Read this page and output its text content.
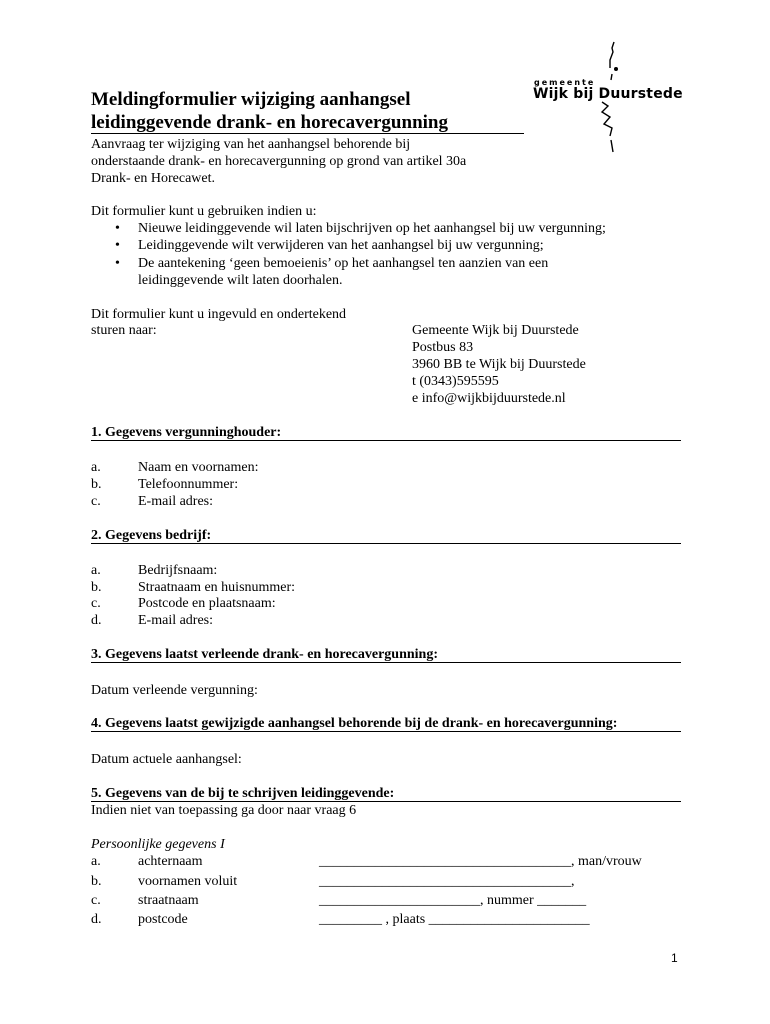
gemeente
Wijk bij Duurstede
Meldingformulier wijziging aanhangsel
leidinggevende drank- en horecavergunning
Aanvraag ter wijziging van het aanhangsel behorende bij
onderstaande drank- en horecavergunning op grond van artikel 30a
Drank- en Horecawet.
Dit formulier kunt u gebruiken indien u:
• Nieuwe leidinggevende wil laten bijschrijven op het aanhangsel bij uw vergunning;
• Leidinggevende wilt verwijderen van het aanhangsel bij uw vergunning;
• De aantekening ‘geen bemoeienis’ op het aanhangsel ten aanzien van een
leidinggevende wilt laten doorhalen.
Dit formulier kunt u ingevuld en ondertekend
sturen naar:	Gemeente Wijk bij Duurstede
Postbus 83
3960 BB te Wijk bij Duurstede
t (0343)595595
e info@wijkbijduurstede.nl
1. Gegevens vergunninghouder:
a.	Naam en voornamen:
b.	Telefoonnummer:
c.	E-mail adres:
2. Gegevens bedrijf:
a.	Bedrijfsnaam:
b.	Straatnaam en huisnummer:
c.	Postcode en plaatsnaam:
d.	E-mail adres:
3. Gegevens laatst verleende drank- en horecavergunning:
Datum verleende vergunning:
4. Gegevens laatst gewijzigde aanhangsel behorende bij de drank- en horecavergunning:
Datum actuele aanhangsel:
5. Gegevens van de bij te schrijven leidinggevende:
Indien niet van toepassing ga door naar vraag 6
Persoonlijke gegevens I
a.	achternaam	____________________________________, man/vrouw
b.	voornamen voluit	____________________________________,
c.	straatnaam	_______________________, nummer _______
d.	postcode	_________ , plaats _______________________
1
